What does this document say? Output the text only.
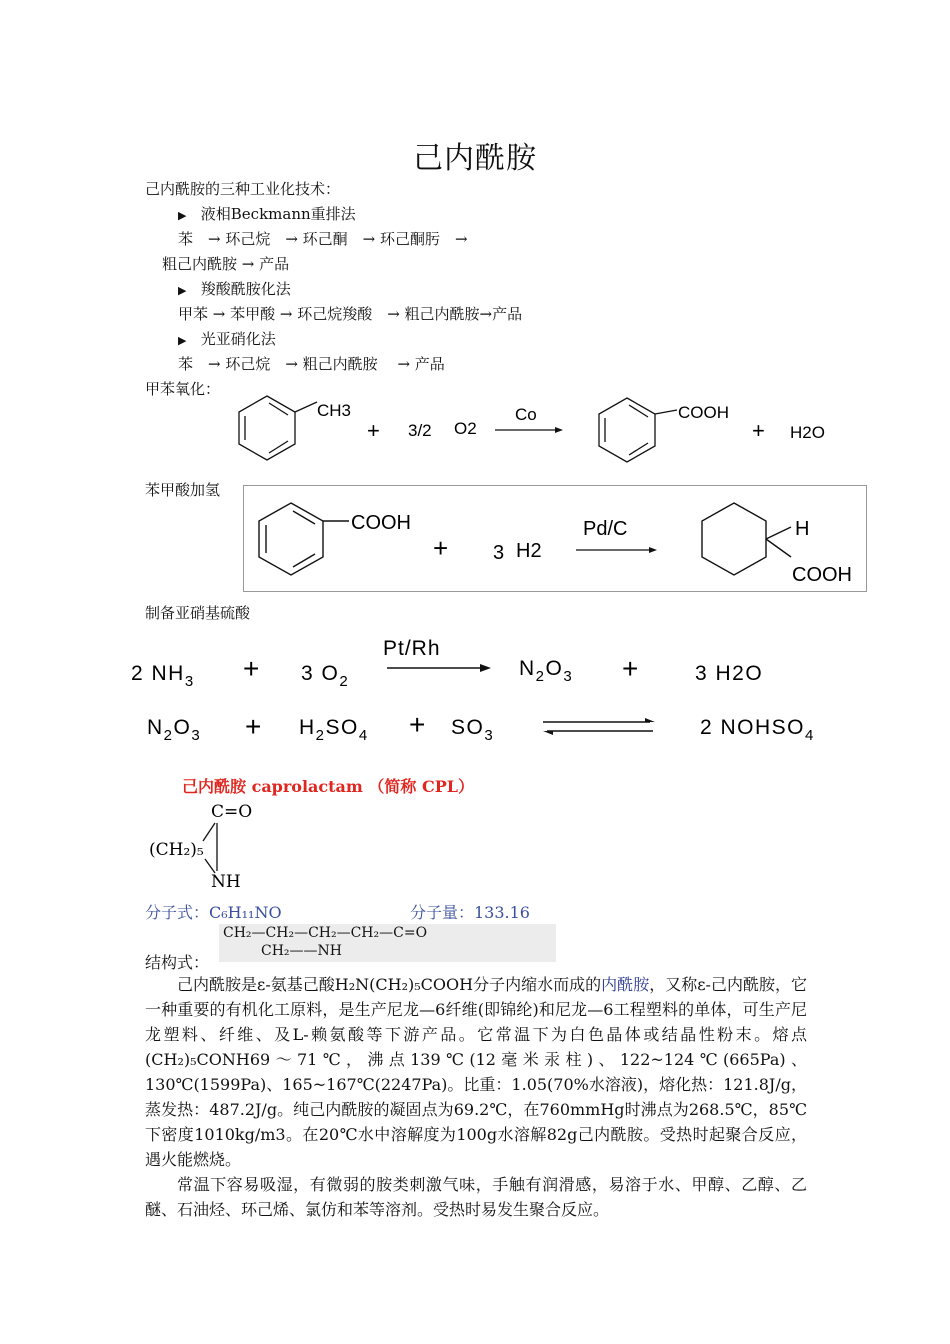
己内酰胺
己内酰胺的三种工业化技术：
▶ 液相Beckmann重排法
苯　→ 环己烷　→ 环己酮　→ 环己酮肟　→
粗己内酰胺 → 产品
▶ 羧酸酰胺化法
甲苯 → 苯甲酸 → 环己烷羧酸　→ 粗己内酰胺→产品
▶ 光亚硝化法
苯　→ 环己烷　→ 粗己内酰胺　 → 产品
甲苯氧化：
CH3
+ 3/2 O2
Co	COOH
+ H2O
苯甲酸加氢
COOH
+ 3 H2
Pd/C	H
COOH
制备亚硝基硫酸
2 $NH_3 + 3$ $O_2$
Pt/Rh
$N_2O_3$ +	3 H2O
$N_2O_3 + H_2SO_4 + SO_3$	2 $NOHSO_4$
己内酰胺 caprolactam （简称 CPL）
C=O
(CH₂)₅
NH
分子式：C₆H₁₁NO	分子量：133.16
结构式：
CH₂—CH₂—CH₂—CH₂—C=O
CH₂——NH
己内酰胺是ε-氨基己酸H₂N(CH₂)₅COOH分子内缩水而成的内酰胺，又称ε-己内酰胺，它一种重要的有机化工原料，是生产尼龙—6纤维(即锦纶)和尼龙—6工程塑料的单体，可生产尼龙塑料、纤维、及L-赖氨酸等下游产品。它常温下为白色晶体或结晶性粉末。熔点(CH₂)₅CONH69～71℃，沸点139℃(12毫米汞柱)、122~124℃(665Pa)、130℃(1599Pa)、165~167℃(2247Pa)。比重：1.05(70%水溶液)，熔化热：121.8J/g，蒸发热：487.2J/g。纯己内酰胺的凝固点为69.2℃，在760mmHg时沸点为268.5℃，85℃下密度1010kg/m3。在20℃水中溶解度为100g水溶解82g己内酰胺。受热时起聚合反应，遇火能燃烧。
常温下容易吸湿，有微弱的胺类刺激气味，手触有润滑感，易溶于水、甲醇、乙醇、乙醚、石油烃、环己烯、氯仿和苯等溶剂。受热时易发生聚合反应。
